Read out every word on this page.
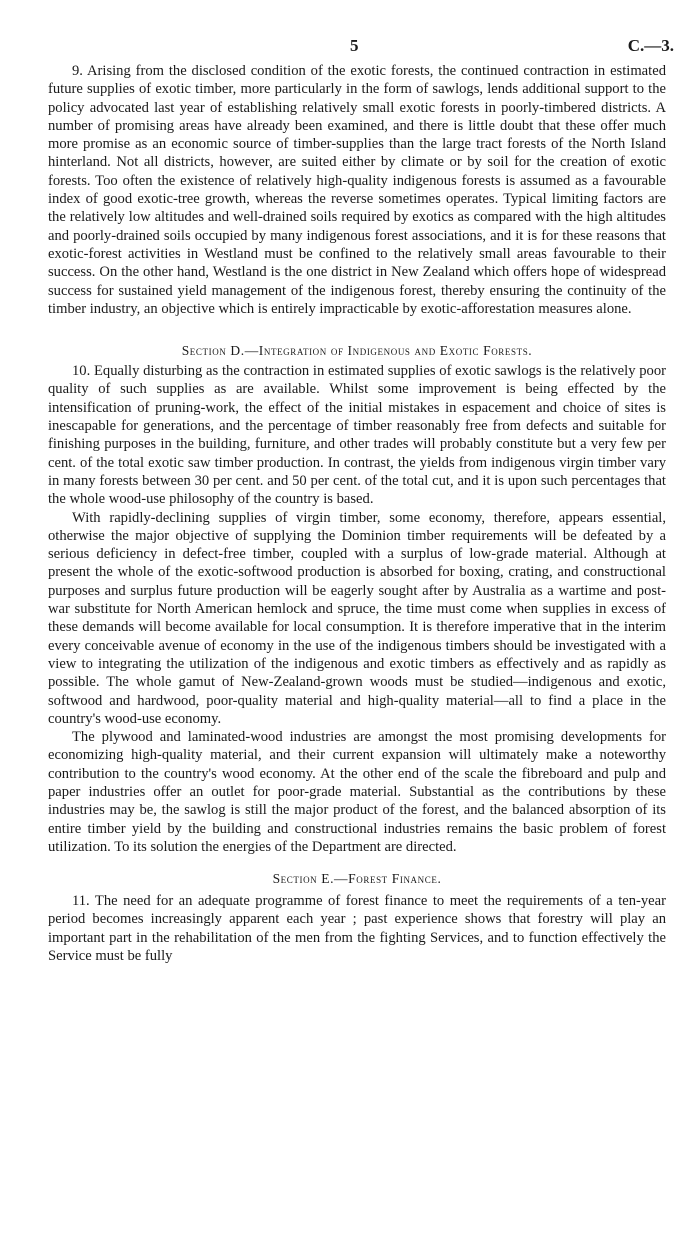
5	C.—3.

9. Arising from the disclosed condition of the exotic forests, the continued contraction in estimated future supplies of exotic timber, more particularly in the form of sawlogs, lends additional support to the policy advocated last year of establishing relatively small exotic forests in poorly-timbered districts. A number of promising areas have already been examined, and there is little doubt that these offer much more promise as an economic source of timber-supplies than the large tract forests of the North Island hinterland. Not all districts, however, are suited either by climate or by soil for the creation of exotic forests. Too often the existence of relatively high-quality indigenous forests is assumed as a favourable index of good exotic-tree growth, whereas the reverse sometimes operates. Typical limiting factors are the relatively low altitudes and well-drained soils required by exotics as compared with the high altitudes and poorly-drained soils occupied by many indigenous forest associations, and it is for these reasons that exotic-forest activities in Westland must be confined to the relatively small areas favourable to their success. On the other hand, Westland is the one district in New Zealand which offers hope of widespread success for sustained yield management of the indigenous forest, thereby ensuring the continuity of the timber industry, an objective which is entirely impracticable by exotic-afforestation measures alone.

Section D.—Integration of Indigenous and Exotic Forests.

10. Equally disturbing as the contraction in estimated supplies of exotic sawlogs is the relatively poor quality of such supplies as are available. Whilst some improvement is being effected by the intensification of pruning-work, the effect of the initial mistakes in espacement and choice of sites is inescapable for generations, and the percentage of timber reasonably free from defects and suitable for finishing purposes in the building, furniture, and other trades will probably constitute but a very few per cent. of the total exotic saw timber production. In contrast, the yields from indigenous virgin timber vary in many forests between 30 per cent. and 50 per cent. of the total cut, and it is upon such percentages that the whole wood-use philosophy of the country is based.

With rapidly-declining supplies of virgin timber, some economy, therefore, appears essential, otherwise the major objective of supplying the Dominion timber requirements will be defeated by a serious deficiency in defect-free timber, coupled with a surplus of low-grade material. Although at present the whole of the exotic-softwood production is absorbed for boxing, crating, and constructional purposes and surplus future production will be eagerly sought after by Australia as a wartime and post-war substitute for North American hemlock and spruce, the time must come when supplies in excess of these demands will become available for local consumption. It is therefore imperative that in the interim every conceivable avenue of economy in the use of the indigenous timbers should be investigated with a view to integrating the utilization of the indigenous and exotic timbers as effectively and as rapidly as possible. The whole gamut of New-Zealand-grown woods must be studied—indigenous and exotic, softwood and hardwood, poor-quality material and high-quality material—all to find a place in the country's wood-use economy.

The plywood and laminated-wood industries are amongst the most promising developments for economizing high-quality material, and their current expansion will ultimately make a noteworthy contribution to the country's wood economy. At the other end of the scale the fibreboard and pulp and paper industries offer an outlet for poor-grade material. Substantial as the contributions by these industries may be, the sawlog is still the major product of the forest, and the balanced absorption of its entire timber yield by the building and constructional industries remains the basic problem of forest utilization. To its solution the energies of the Department are directed.

Section E.—Forest Finance.

11. The need for an adequate programme of forest finance to meet the requirements of a ten-year period becomes increasingly apparent each year ; past experience shows that forestry will play an important part in the rehabilitation of the men from the fighting Services, and to function effectively the Service must be fully
